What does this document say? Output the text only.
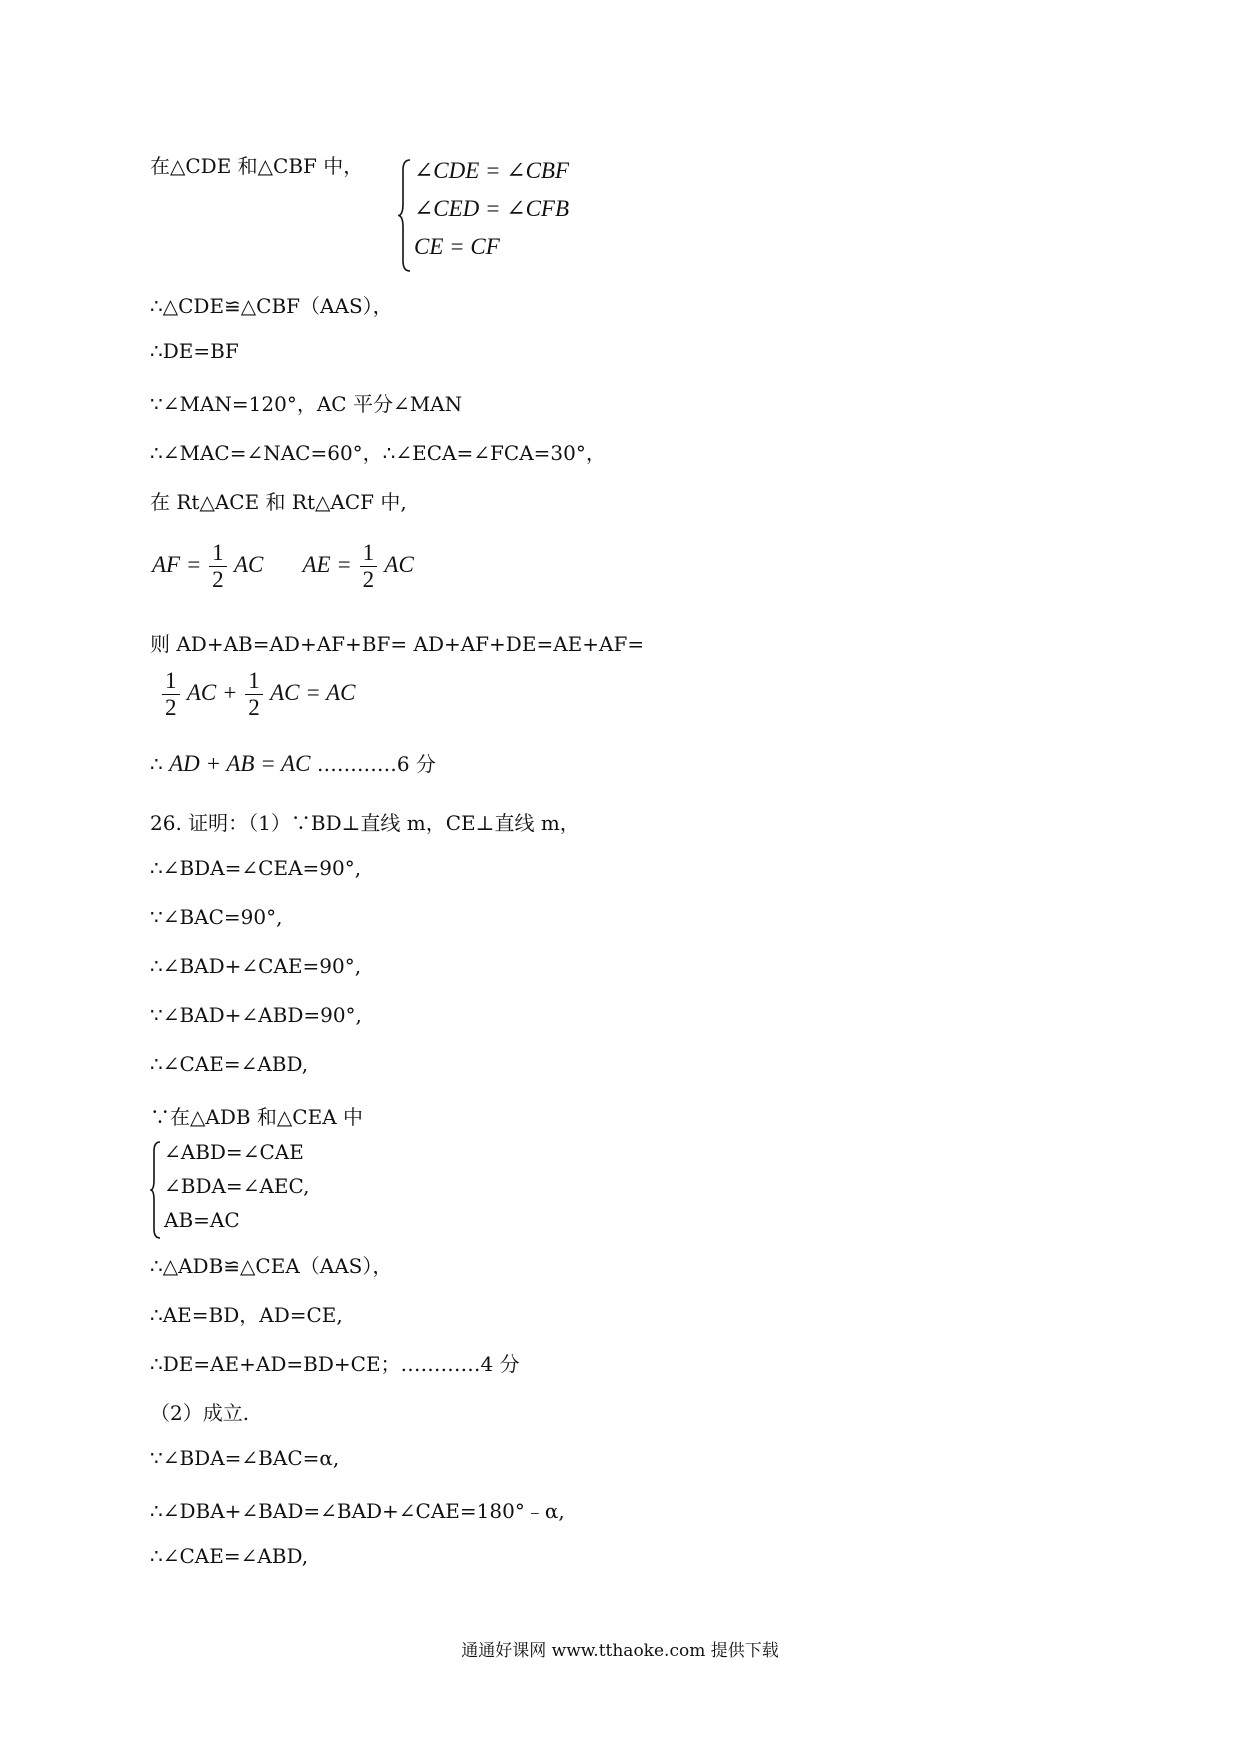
在△CDE 和△CBF 中， ∠CDE = ∠CBF
∠CED = ∠CFB
CE = CF
∴△CDE≌△CBF（AAS），
∴DE=BF
∵∠MAN=120°，AC 平分∠MAN
∴∠MAC=∠NAC=60°，∴∠ECA=∠FCA=30°，
在 Rt△ACE 和 Rt△ACF 中,
AF = $\frac{1}{2}$ AC AE = $\frac{1}{2}$ AC
则 AD+AB=AD+AF+BF= AD+AF+DE=AE+AF=
$\frac{1}{2}$ AC + $\frac{1}{2}$ AC = AC
∴ AD + AB = AC …………6 分
26. 证明：（1）∵BD⊥直线 m，CE⊥直线 m，
∴∠BDA=∠CEA=90°,
∵∠BAC=90°,
∴∠BAD+∠CAE=90°,
∵∠BAD+∠ABD=90°,
∴∠CAE=∠ABD,
∵在△ADB 和△CEA 中
∠ABD=∠CAE
∠BDA=∠AEC,
AB=AC
∴△ADB≌△CEA（AAS），
∴AE=BD，AD=CE,
∴DE=AE+AD=BD+CE；…………4 分
（2）成立.
∵∠BDA=∠BAC=α,
∴∠DBA+∠BAD=∠BAD+∠CAE=180°﹣α,
∴∠CAE=∠ABD,
通通好课网 www.tthaoke.com 提供下载
